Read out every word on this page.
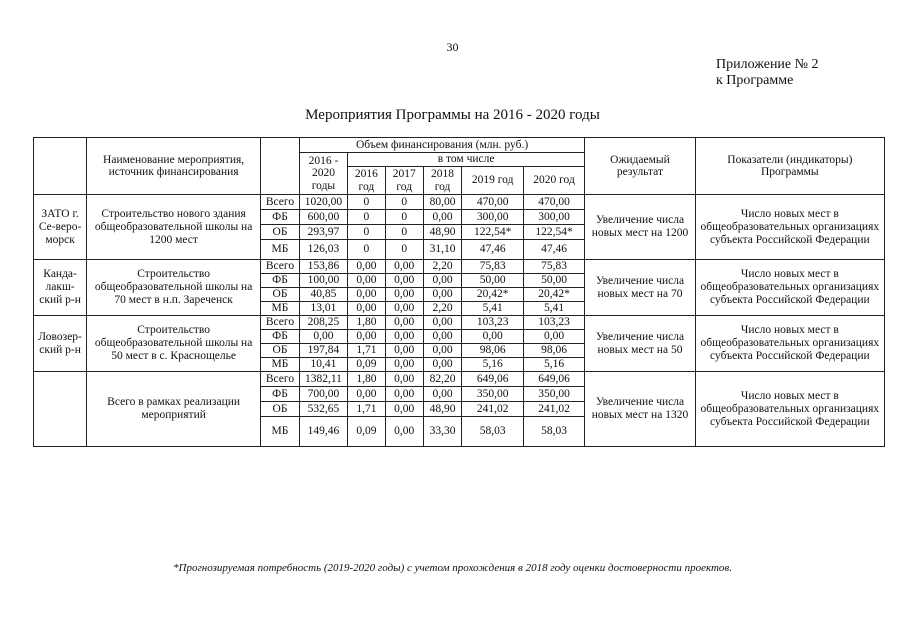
30
Приложение № 2
к Программе
Мероприятия Программы на 2016 - 2020 годы
	Наименование мероприятия, источник финансирования		Объем финансирования (млн. руб.)						Ожидаемый результат	Показатели (индикаторы) Программы
			2016 - 2020 годы	в том числе						
				2016 год	2017 год	2018 год	2019 год	2020 год		
ЗАТО г. Се-веро-морск	Строительство нового здания общеобразовательной школы на 1200 мест	Всего	1020,00	0	0	80,00	470,00	470,00	Увеличение числа новых мест на 1200	Число новых мест в общеобразовательных организациях субъекта Российской Федерации
		ФБ	600,00	0	0	0,00	300,00	300,00		
		ОБ	293,97	0	0	48,90	122,54*	122,54*		
		МБ	126,03	0	0	31,10	47,46	47,46		
Канда-лакш-ский р-н	Строительство общеобразовательной школы на 70 мест в н.п. Зареченск	Всего	153,86	0,00	0,00	2,20	75,83	75,83	Увеличение числа новых мест на 70	Число новых мест в общеобразовательных организациях субъекта Российской Федерации
		ФБ	100,00	0,00	0,00	0,00	50,00	50,00		
		ОБ	40,85	0,00	0,00	0,00	20,42*	20,42*		
		МБ	13,01	0,00	0,00	2,20	5,41	5,41		
Ловозер-ский р-н	Строительство общеобразовательной школы на 50 мест в с. Краснощелье	Всего	208,25	1,80	0,00	0,00	103,23	103,23	Увеличение числа новых мест на 50	Число новых мест в общеобразовательных организациях субъекта Российской Федерации
		ФБ	0,00	0,00	0,00	0,00	0,00	0,00		
		ОБ	197,84	1,71	0,00	0,00	98,06	98,06		
		МБ	10,41	0,09	0,00	0,00	5,16	5,16		
	Всего в рамках реализации мероприятий	Всего	1382,11	1,80	0,00	82,20	649,06	649,06	Увеличение числа новых мест на 1320	Число новых мест в общеобразовательных организациях субъекта Российской Федерации
		ФБ	700,00	0,00	0,00	0,00	350,00	350,00		
		ОБ	532,65	1,71	0,00	48,90	241,02	241,02		
		МБ	149,46	0,09	0,00	33,30	58,03	58,03		
*Прогнозируемая потребность (2019-2020 годы) с учетом прохождения в 2018 году оценки достоверности проектов.
